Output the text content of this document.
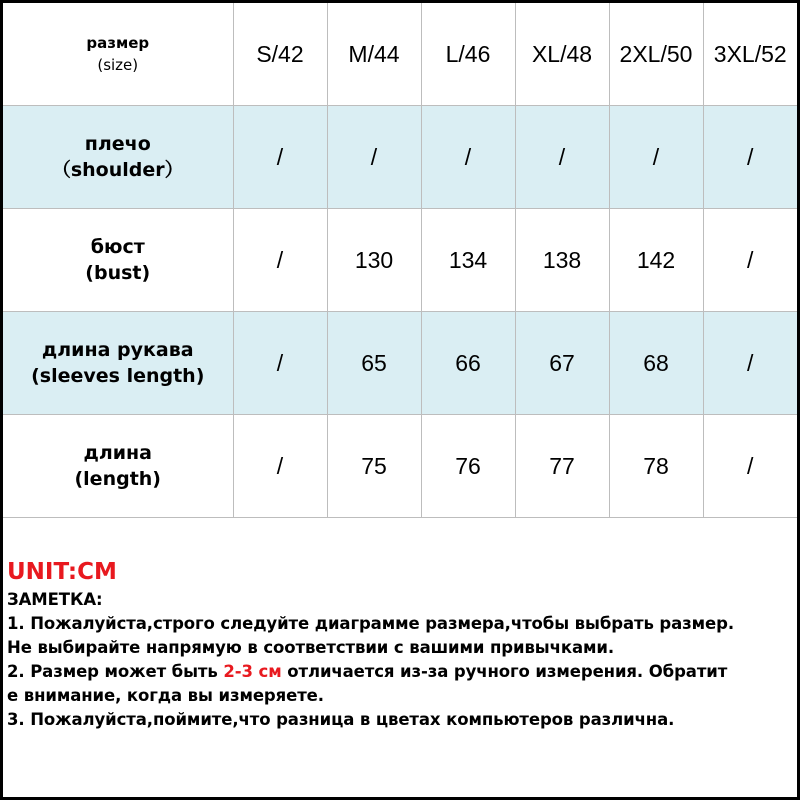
размер
(size)	S/42	M/44	L/46	XL/48	2XL/50	3XL/52

плечо
（shoulder）	/	/	/	/	/	/

бюст
(bust)	/	130	134	138	142	/

длина рукава
(sleeves length)	/	65	66	67	68	/

длина
(length)	/	75	76	77	78	/
UNIT:CM
ЗАМЕТКА:
1. Пожалуйста,строго следуйте диаграмме размера,чтобы выбрать размер.
Не выбирайте напрямую в соответствии с вашими привычками.
2. Размер может быть 2-3 см отличается из-за ручного измерения. Обратит
е внимание, когда вы измеряете.
3. Пожалуйста,поймите,что разница в цветах компьютеров различна.
